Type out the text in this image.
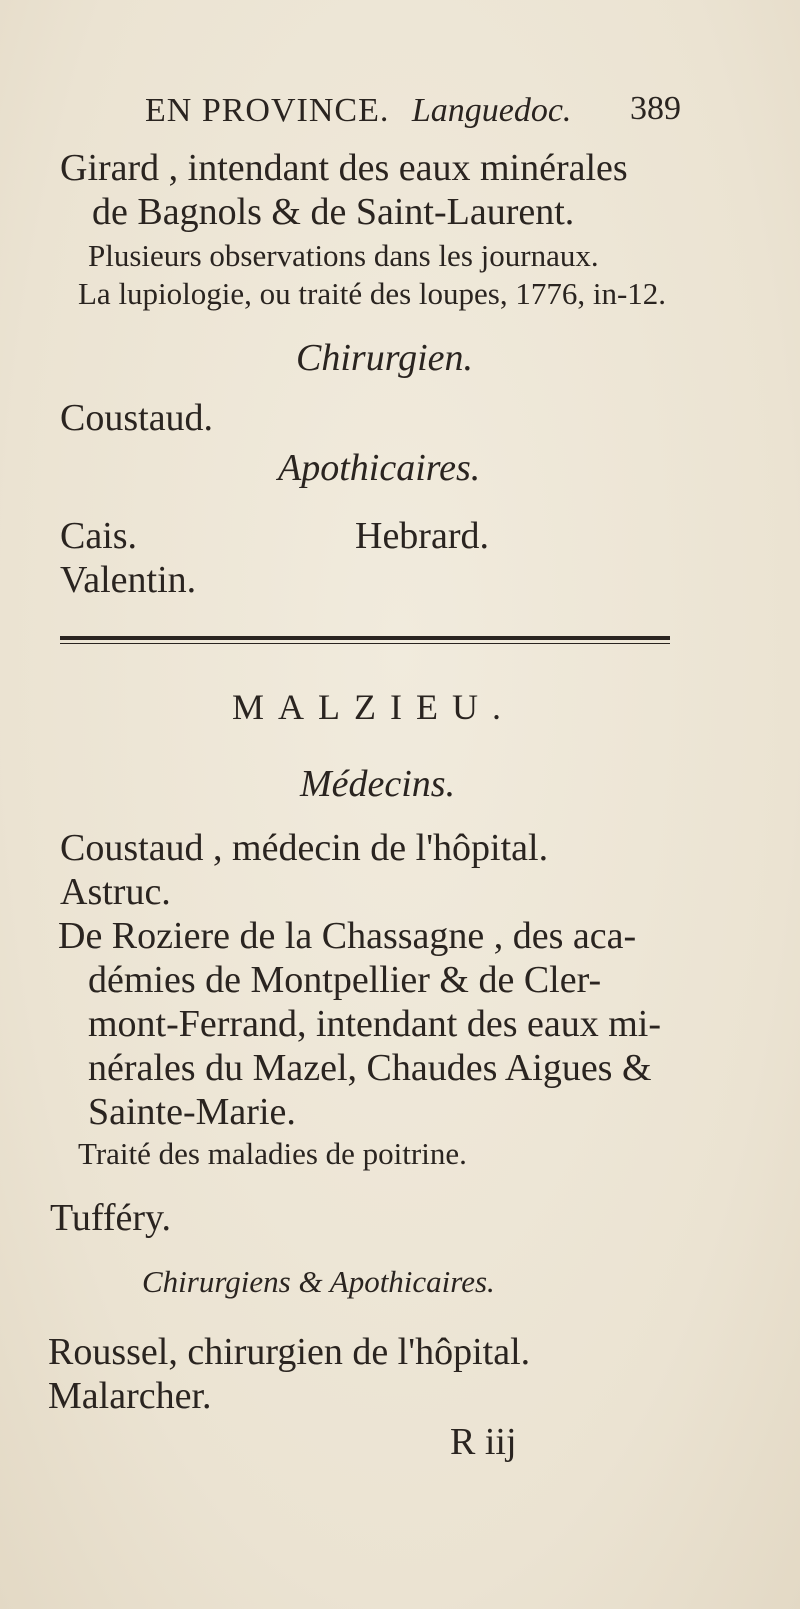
EN PROVINCE. Languedoc. 389
Girard , intendant des eaux minérales
de Bagnols & de Saint-Laurent.
Plusieurs observations dans les journaux.
La lupiologie, ou traité des loupes, 1776, in-12.
Chirurgien.
Coustaud.
Apothicaires.
Cais.
Valentin.
Hebrard.
MALZIEU.
Médecins.
Coustaud , médecin de l'hôpital.
Astruc.
De Roziere de la Chassagne , des aca-
démies de Montpellier & de Cler-
mont-Ferrand, intendant des eaux mi-
nérales du Mazel, Chaudes Aigues &
Sainte-Marie.
Traité des maladies de poitrine.
Tufféry.
Chirurgiens & Apothicaires.
Roussel, chirurgien de l'hôpital.
Malarcher.
R iij
